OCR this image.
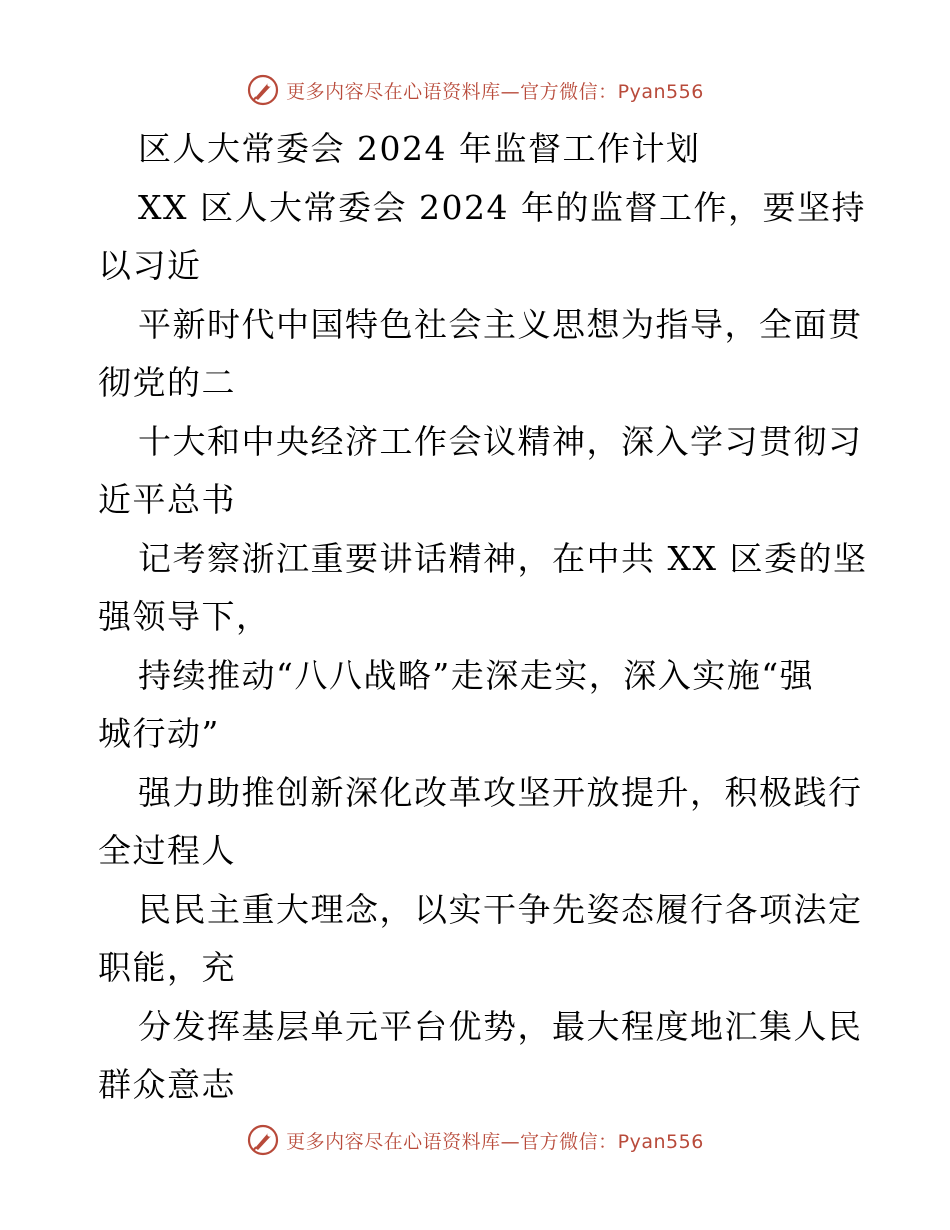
更多内容尽在心语资料库—官方微信：Pyan556
区人大常委会 2024 年监督工作计划
XX 区人大常委会 2024 年的监督工作，要坚持
以习近
平新时代中国特色社会主义思想为指导，全面贯
彻党的二
十大和中央经济工作会议精神，深入学习贯彻习
近平总书
记考察浙江重要讲话精神，在中共 XX 区委的坚
强领导下，
持续推动“八八战略”走深走实，深入实施“强
城行动”
强力助推创新深化改革攻坚开放提升，积极践行
全过程人
民民主重大理念，以实干争先姿态履行各项法定
职能，充
分发挥基层单元平台优势，最大程度地汇集人民
群众意志
更多内容尽在心语资料库—官方微信：Pyan556
